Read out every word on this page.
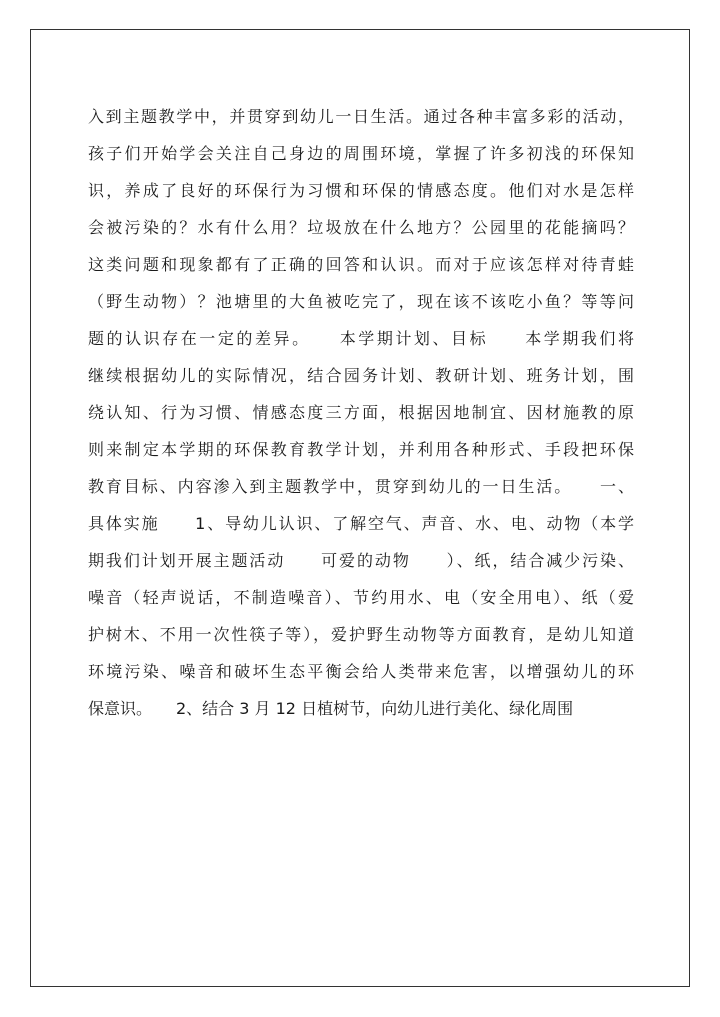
入到主题教学中，并贯穿到幼儿一日生活。通过各种丰富多彩的活动，
孩子们开始学会关注自己身边的周围环境，掌握了许多初浅的环保知
识，养成了良好的环保行为习惯和环保的情感态度。他们对水是怎样
会被污染的？水有什么用？垃圾放在什么地方？公园里的花能摘吗？
这类问题和现象都有了正确的回答和认识。而对于应该怎样对待青蛙
（野生动物）？池塘里的大鱼被吃完了，现在该不该吃小鱼？等等问
题的认识存在一定的差异。　　本学期计划、目标　　本学期我们将
继续根据幼儿的实际情况，结合园务计划、教研计划、班务计划，围
绕认知、行为习惯、情感态度三方面，根据因地制宜、因材施教的原
则来制定本学期的环保教育教学计划，并利用各种形式、手段把环保
教育目标、内容渗入到主题教学中，贯穿到幼儿的一日生活。　　一、
具体实施　　1、导幼儿认识、了解空气、声音、水、电、动物（本学
期我们计划开展主题活动　　可爱的动物　　）、纸，结合减少污染、
噪音（轻声说话，不制造噪音）、节约用水、电（安全用电）、纸（爱
护树木、不用一次性筷子等），爱护野生动物等方面教育，是幼儿知道
环境污染、噪音和破坏生态平衡会给人类带来危害，以增强幼儿的环
保意识。　　2、结合 3 月 12 日植树节，向幼儿进行美化、绿化周围
